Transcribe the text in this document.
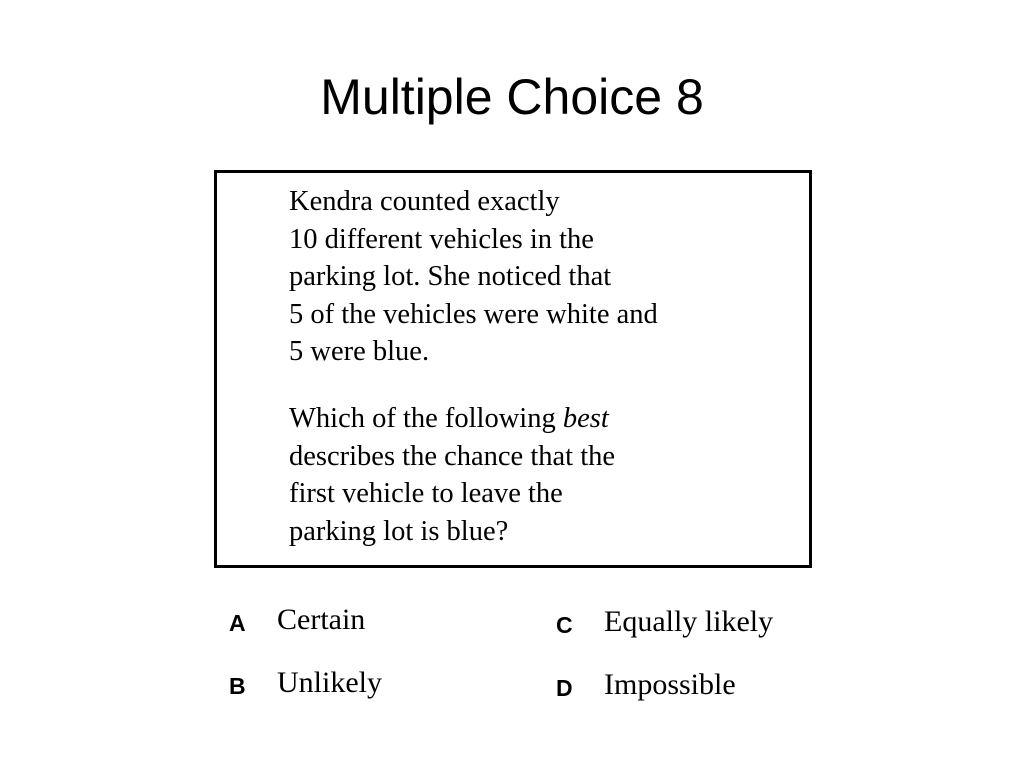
Multiple Choice 8
Kendra counted exactly
10 different vehicles in the
parking lot. She noticed that
5 of the vehicles were white and
5 were blue.
Which of the following best
describes the chance that the
first vehicle to leave the
parking lot is blue?
A Certain
B Unlikely
C Equally likely
D Impossible
